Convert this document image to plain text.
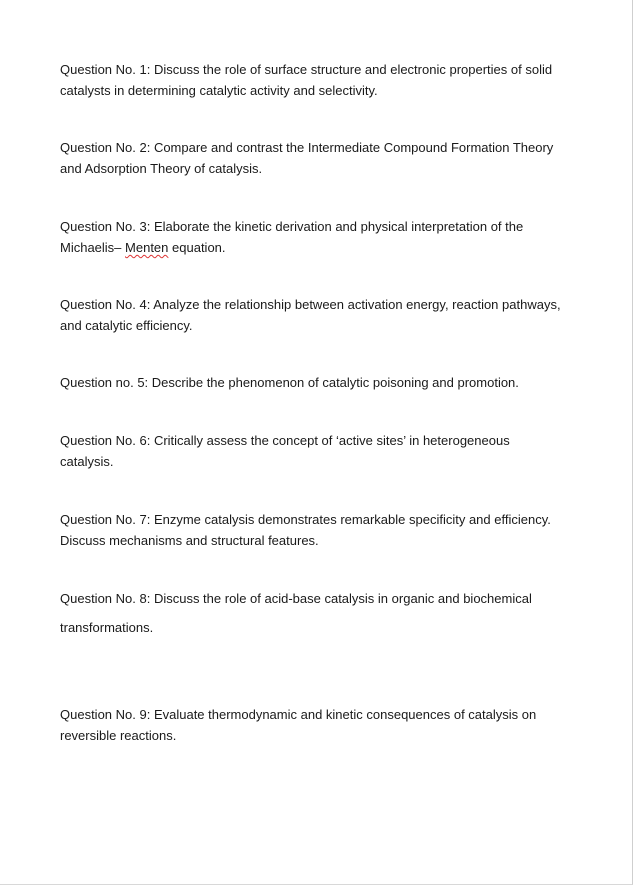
Question No. 1: Discuss the role of surface structure and electronic properties of solid
catalysts in determining catalytic activity and selectivity.

Question No. 2: Compare and contrast the Intermediate Compound Formation Theory
and Adsorption Theory of catalysis.

Question No. 3: Elaborate the kinetic derivation and physical interpretation of the
Michaelis– Menten equation.

Question No. 4: Analyze the relationship between activation energy, reaction pathways,
and catalytic efficiency.

Question no. 5: Describe the phenomenon of catalytic poisoning and promotion.

Question No. 6: Critically assess the concept of ‘active sites’ in heterogeneous
catalysis.

Question No. 7: Enzyme catalysis demonstrates remarkable specificity and efficiency.
Discuss mechanisms and structural features.

Question No. 8: Discuss the role of acid-base catalysis in organic and biochemical
transformations.

Question No. 9: Evaluate thermodynamic and kinetic consequences of catalysis on
reversible reactions.
